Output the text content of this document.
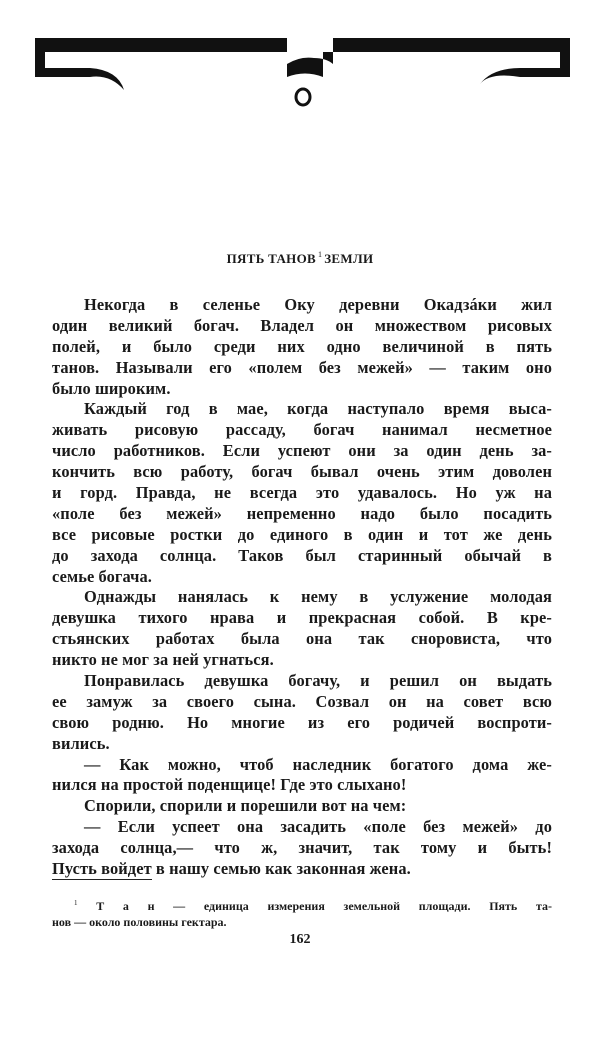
ПЯТЬ ТАНОВ $^1$ ЗЕМЛИ
Некогда в селенье Оку деревни Окадзáки жил
один великий богач. Владел он множеством рисовых
полей, и было среди них одно величиной в пять
танов. Называли его «полем без межей» — таким оно
было широким.
Каждый год в мае, когда наступало время выса-
живать рисовую рассаду, богач нанимал несметное
число работников. Если успеют они за один день за-
кончить всю работу, богач бывал очень этим доволен
и горд. Правда, не всегда это удавалось. Но уж на
«поле без межей» непременно надо было посадить
все рисовые ростки до единого в один и тот же день
до захода солнца. Таков был старинный обычай в
семье богача.
Однажды нанялась к нему в услужение молодая
девушка тихого нрава и прекрасная собой. В кре-
стьянских работах была она так сноровиста, что
никто не мог за ней угнаться.
Понравилась девушка богачу, и решил он выдать
ее замуж за своего сына. Созвал он на совет всю
свою родню. Но многие из его родичей воспроти-
вились.
— Как можно, чтоб наследник богатого дома же-
нился на простой поденщице! Где это слыхано!
Спорили, спорили и порешили вот на чем:
— Если успеет она засадить «поле без межей» до
захода солнца,— что ж, значит, так тому и быть!
Пусть войдет в нашу семью как законная жена.
$^1$ Т а н — единица измерения земельной площади. Пять та-
нов — около половины гектара.
162
